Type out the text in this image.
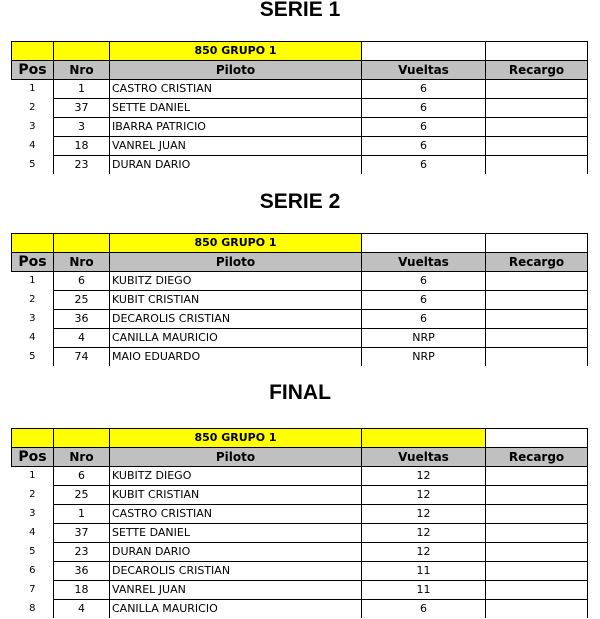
SERIE 1
		850 GRUPO 1		
Pos	Nro	Piloto	Vueltas	Recargo
1	1	CASTRO CRISTIAN	6	
2	37	SETTE DANIEL	6	
3	3	IBARRA PATRICIO	6	
4	18	VANREL JUAN	6	
5	23	DURAN DARIO	6	
SERIE 2
		850 GRUPO 1		
Pos	Nro	Piloto	Vueltas	Recargo
1	6	KUBITZ DIEGO	6	
2	25	KUBIT CRISTIAN	6	
3	36	DECAROLIS CRISTIAN	6	
4	4	CANILLA MAURICIO	NRP	
5	74	MAIO EDUARDO	NRP	
FINAL
		850 GRUPO 1		
Pos	Nro	Piloto	Vueltas	Recargo
1	6	KUBITZ DIEGO	12	
2	25	KUBIT CRISTIAN	12	
3	1	CASTRO CRISTIAN	12	
4	37	SETTE DANIEL	12	
5	23	DURAN DARIO	12	
6	36	DECAROLIS CRISTIAN	11	
7	18	VANREL JUAN	11	
8	4	CANILLA MAURICIO	6	
